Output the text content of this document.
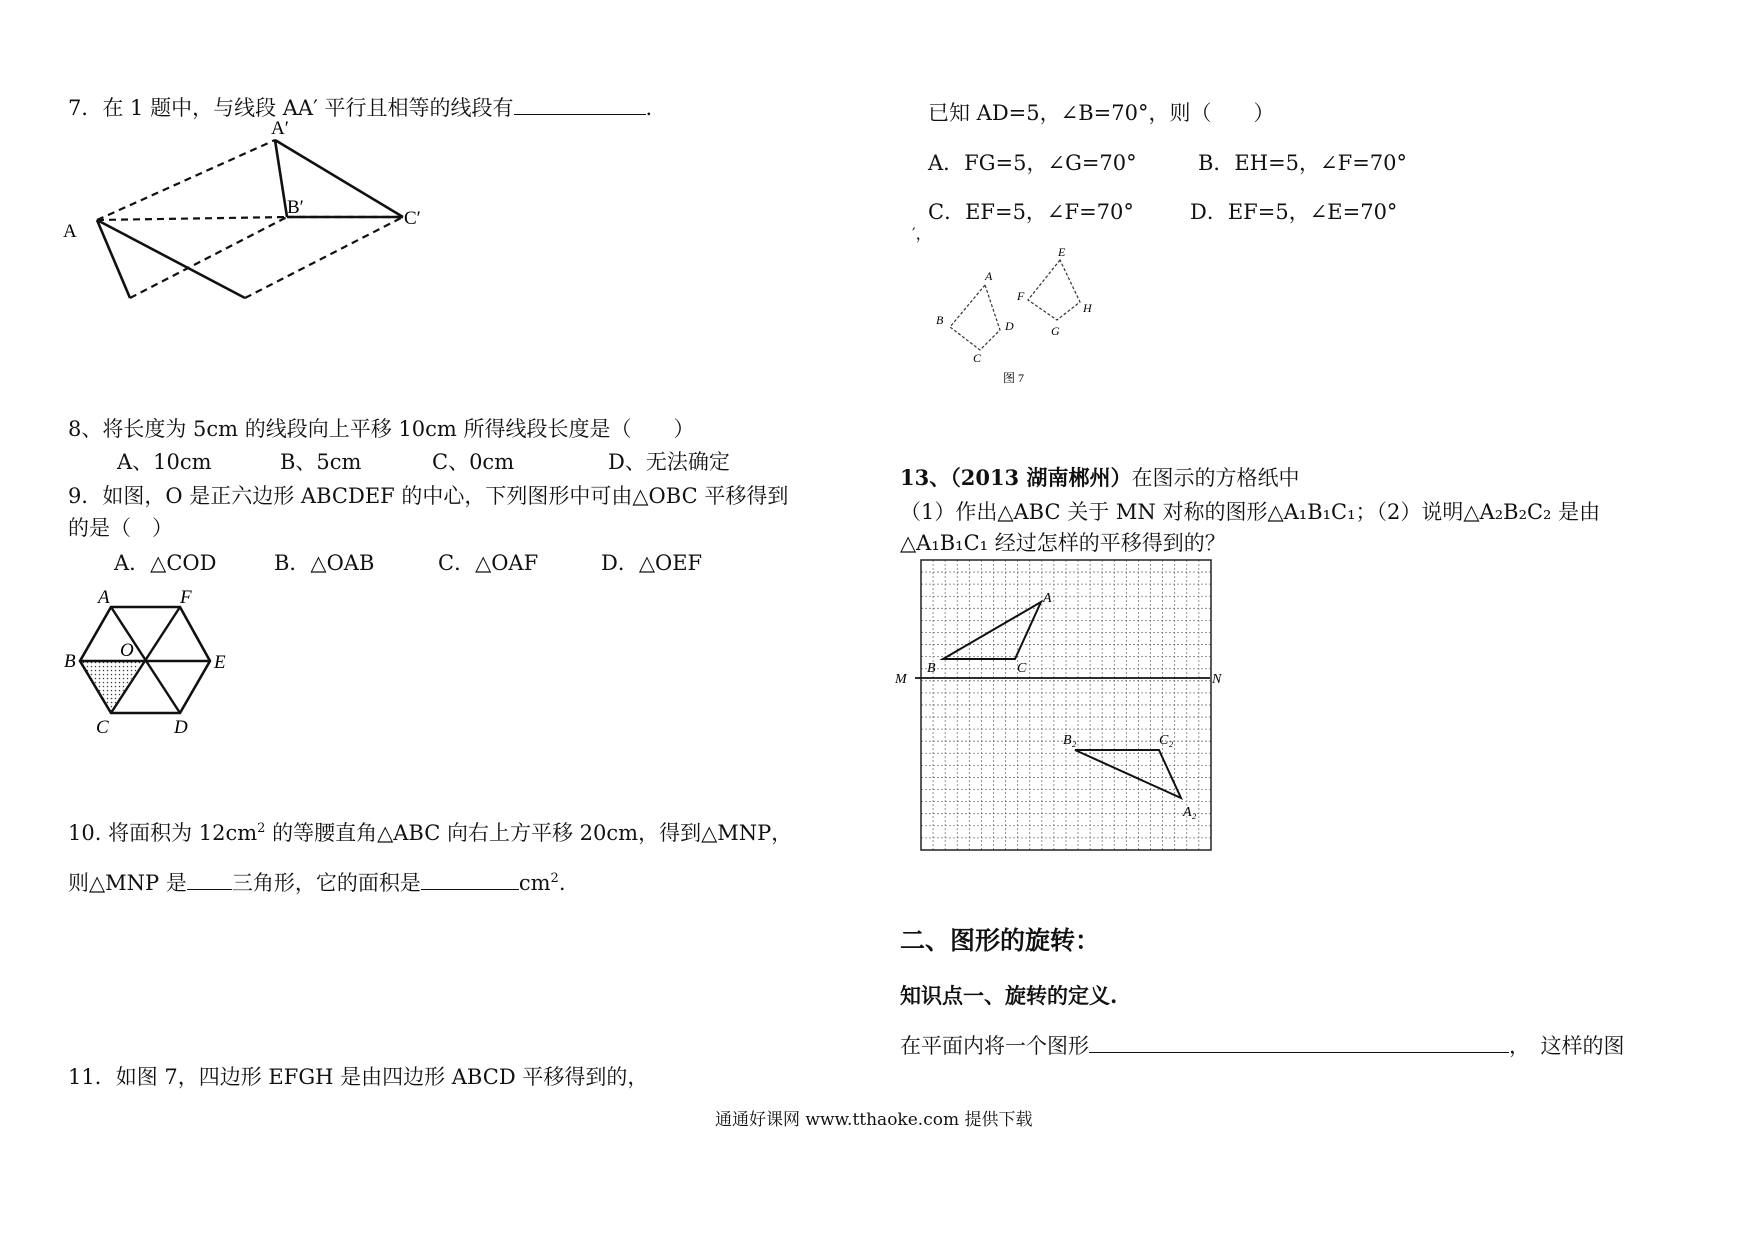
7．在 1 题中，与线段 AA′ 平行且相等的线段有	.
A
A′
B′
C′
8、将长度为 5cm 的线段向上平移 10cm 所得线段长度是（　　）
A、10cm	B、5cm	C、0cm	D、无法确定
9．如图，O 是正六边形 ABCDEF 的中心，下列图形中可由△OBC 平移得到
的是（　）
A．△COD	B．△OAB	C．△OAF	D．△OEF
A	F
B
O
E
C	D
10. 将面积为 $12cm^2$ 的等腰直角△ABC 向右上方平移 20cm，得到△MNP，
则△MNP 是 三角形，它的面积是	$cm^2$.
11．如图 7，四边形 EFGH 是由四边形 ABCD 平移得到的，
已知 AD=5，∠B=70°，则（　　）
A．FG=5，∠G=70°	B．EH=5，∠F=70°
C．EF=5，∠F=70°	D．EF=5，∠E=70°
′，
A
B
C
D
E
F
G
H
图 7
13、（2013 湖南郴州）在图示的方格纸中
（1）作出△ABC 关于 MN 对称的图形△A₁B₁C₁；（2）说明△A₂B₂C₂ 是由
△A₁B₁C₁ 经过怎样的平移得到的？
A
B	C
M	N
B₂	C₂
A₂
二、图形的旋转：
知识点一、旋转的定义.
在平面内将一个图形	，　这样的图
通通好课网 www.tthaoke.com 提供下载
